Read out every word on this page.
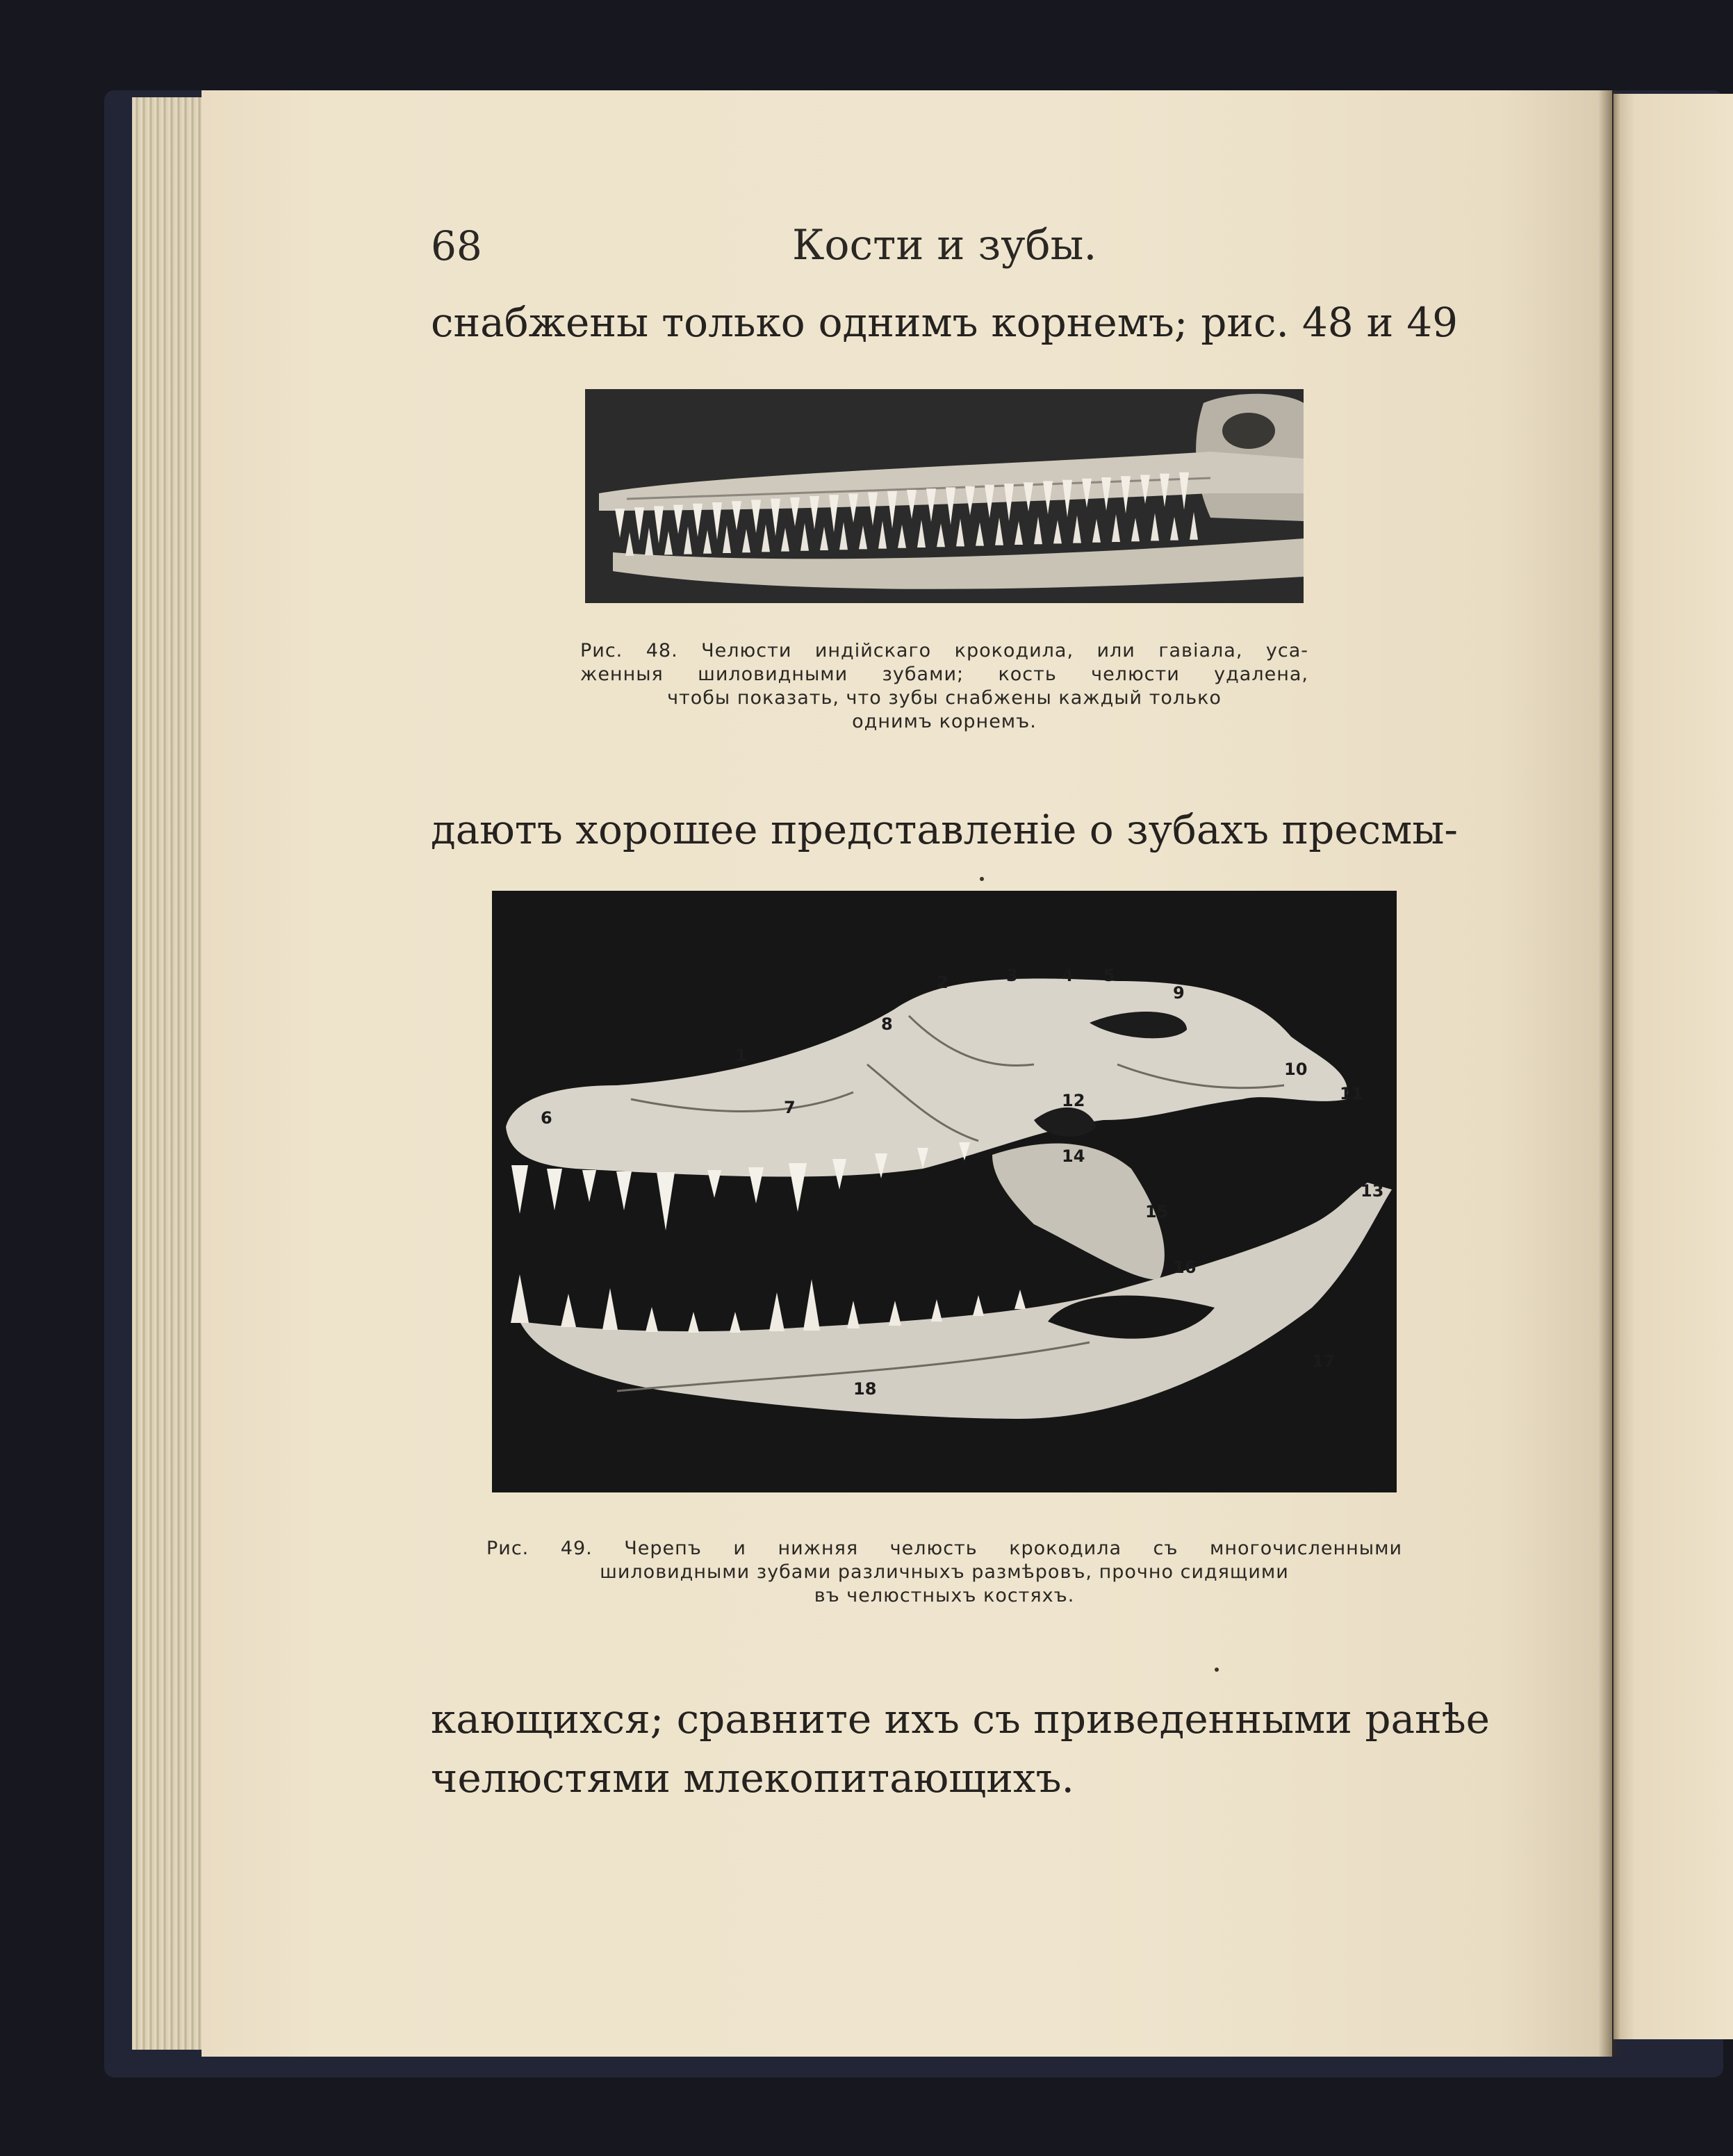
68	Кости и зубы.
снабжены только однимъ корнемъ; рис. 48 и 49
Рис. 48. Челюсти индійскаго крокодила, или гавіала, уса-
женныя шиловидными зубами; кость челюсти удалена,
чтобы показать, что зубы снабжены каждый только
однимъ корнемъ.
даютъ хорошее представленіе о зубахъ пресмы-
1
2	3	4 5
6
7
8
9
10
11
12
13
14
15
16
17
18
Рис. 49. Черепъ и нижняя челюсть крокодила съ многочисленными
шиловидными зубами различныхъ размѣровъ, прочно сидящими
въ челюстныхъ костяхъ.
кающихся; сравните ихъ съ приведенными ранѣе
челюстями млекопитающихъ.
